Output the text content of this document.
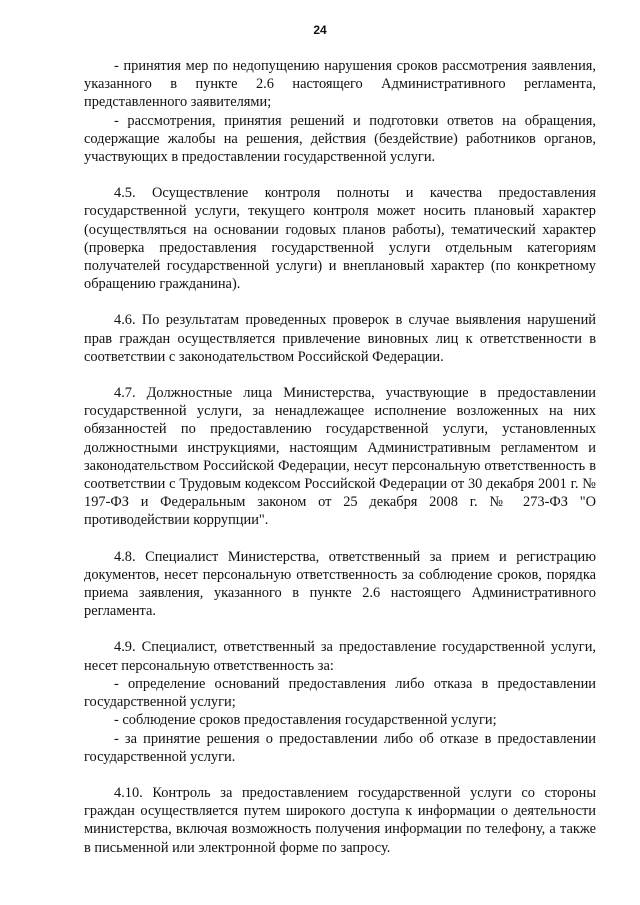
24

- принятия мер по недопущению нарушения сроков рассмотрения заявления, указанного в пункте 2.6 настоящего Административного регламента, представленного заявителями;

- рассмотрения, принятия решений и подготовки ответов на обращения, содержащие жалобы на решения, действия (бездействие) работников органов, участвующих в предоставлении государственной услуги.

4.5. Осуществление контроля полноты и качества предоставления государственной услуги, текущего контроля может носить плановый характер (осуществляться на основании годовых планов работы), тематический характер (проверка предоставления государственной услуги отдельным категориям получателей государственной услуги) и внеплановый характер (по конкретному обращению гражданина).

4.6. По результатам проведенных проверок в случае выявления нарушений прав граждан осуществляется привлечение виновных лиц к ответственности в соответствии с законодательством Российской Федерации.

4.7. Должностные лица Министерства, участвующие в предоставлении государственной услуги, за ненадлежащее исполнение возложенных на них обязанностей по предоставлению государственной услуги, установленных должностными инструкциями, настоящим Административным регламентом и законодательством Российской Федерации, несут персональную ответственность в соответствии с Трудовым кодексом Российской Федерации от 30 декабря 2001 г. № 197-ФЗ и Федеральным законом от 25 декабря 2008 г. № 273-ФЗ "О противодействии коррупции".

4.8. Специалист Министерства, ответственный за прием и регистрацию документов, несет персональную ответственность за соблюдение сроков, порядка приема заявления, указанного в пункте 2.6 настоящего Административного регламента.

4.9. Специалист, ответственный за предоставление государственной услуги, несет персональную ответственность за:

- определение оснований предоставления либо отказа в предоставлении государственной услуги;

- соблюдение сроков предоставления государственной услуги;

- за принятие решения о предоставлении либо об отказе в предоставлении государственной услуги.

4.10. Контроль за предоставлением государственной услуги со стороны граждан осуществляется путем широкого доступа к информации о деятельности министерства, включая возможность получения информации по телефону, а также в письменной или электронной форме по запросу.
